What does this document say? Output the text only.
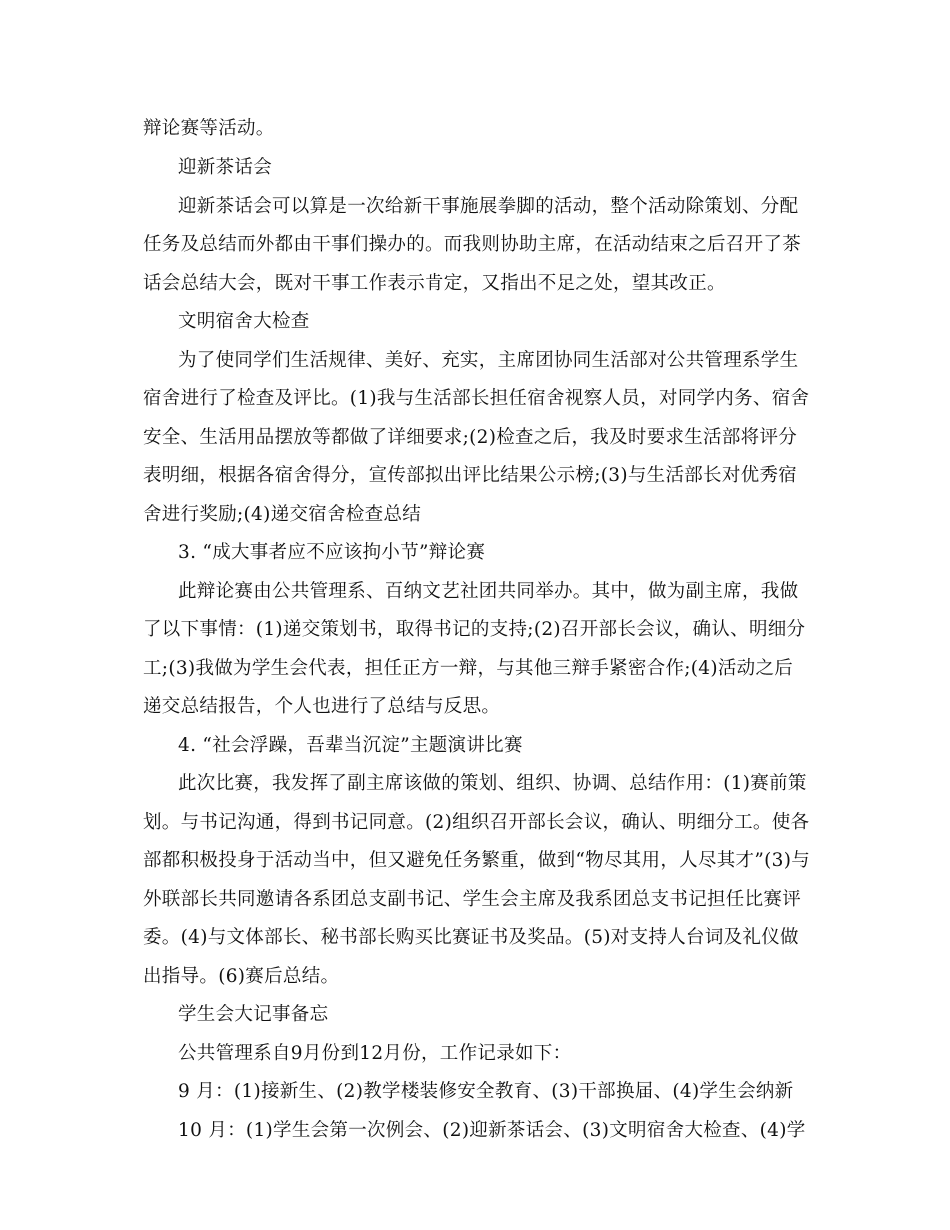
辩论赛等活动。
迎新茶话会
迎新茶话会可以算是一次给新干事施展拳脚的活动，整个活动除策划、分配
任务及总结而外都由干事们操办的。而我则协助主席，在活动结束之后召开了茶
话会总结大会，既对干事工作表示肯定，又指出不足之处，望其改正。
文明宿舍大检查
为了使同学们生活规律、美好、充实，主席团协同生活部对公共管理系学生
宿舍进行了检查及评比。(1)我与生活部长担任宿舍视察人员，对同学内务、宿舍
安全、生活用品摆放等都做了详细要求;(2)检查之后，我及时要求生活部将评分
表明细，根据各宿舍得分，宣传部拟出评比结果公示榜;(3)与生活部长对优秀宿
舍进行奖励;(4)递交宿舍检查总结
3. “成大事者应不应该拘小节”辩论赛
此辩论赛由公共管理系、百纳文艺社团共同举办。其中，做为副主席，我做
了以下事情：(1)递交策划书，取得书记的支持;(2)召开部长会议，确认、明细分
工;(3)我做为学生会代表，担任正方一辩，与其他三辩手紧密合作;(4)活动之后
递交总结报告，个人也进行了总结与反思。
4. “社会浮躁，吾辈当沉淀”主题演讲比赛
此次比赛，我发挥了副主席该做的策划、组织、协调、总结作用：(1)赛前策
划。与书记沟通，得到书记同意。(2)组织召开部长会议，确认、明细分工。使各
部都积极投身于活动当中，但又避免任务繁重，做到“物尽其用，人尽其才”(3)与
外联部长共同邀请各系团总支副书记、学生会主席及我系团总支书记担任比赛评
委。(4)与文体部长、秘书部长购买比赛证书及奖品。(5)对支持人台词及礼仪做
出指导。(6)赛后总结。
学生会大记事备忘
公共管理系自9月份到12月份，工作记录如下：
9 月：(1)接新生、(2)教学楼装修安全教育、(3)干部换届、(4)学生会纳新
10 月：(1)学生会第一次例会、(2)迎新茶话会、(3)文明宿舍大检查、(4)学
